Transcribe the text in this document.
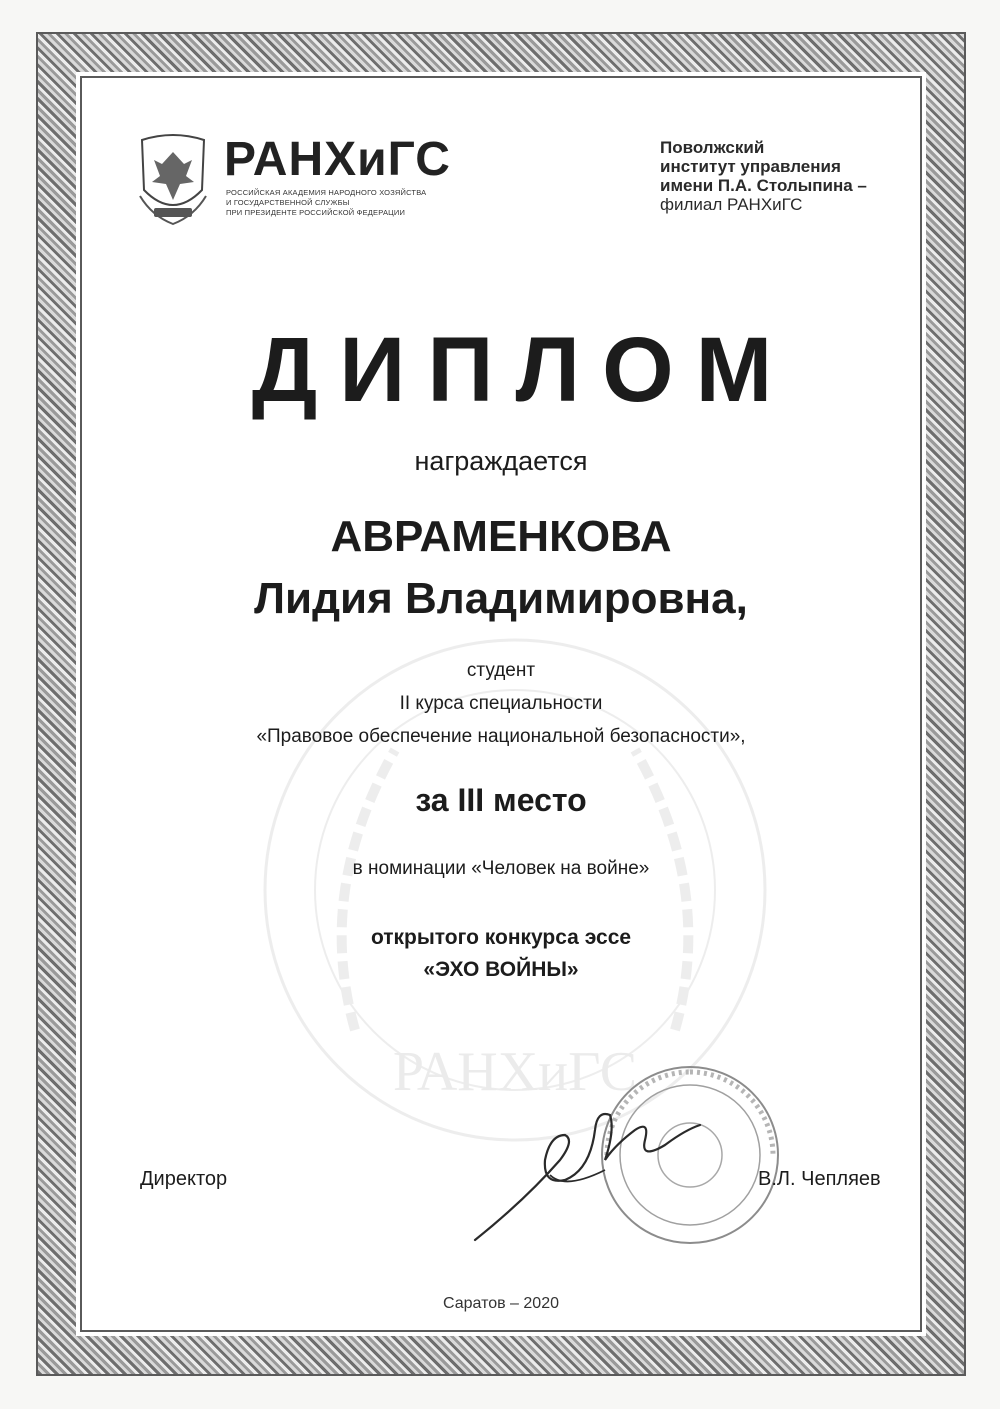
РАНХиГС
РАНХиГС
РОССИЙСКАЯ АКАДЕМИЯ НАРОДНОГО ХОЗЯЙСТВА
И ГОСУДАРСТВЕННОЙ СЛУЖБЫ
ПРИ ПРЕЗИДЕНТЕ РОССИЙСКОЙ ФЕДЕРАЦИИ
Поволжский
институт управления
имени П.А. Столыпина –
филиал РАНХиГС
ДИПЛОМ
награждается
АВРАМЕНКОВА
Лидия Владимировна,
студент
II курса специальности
«Правовое обеспечение национальной безопасности»,
за III место
в номинации «Человек на войне»
открытого конкурса эссе
«ЭХО ВОЙНЫ»
Директор	В.Л. Чепляев
Саратов – 2020
